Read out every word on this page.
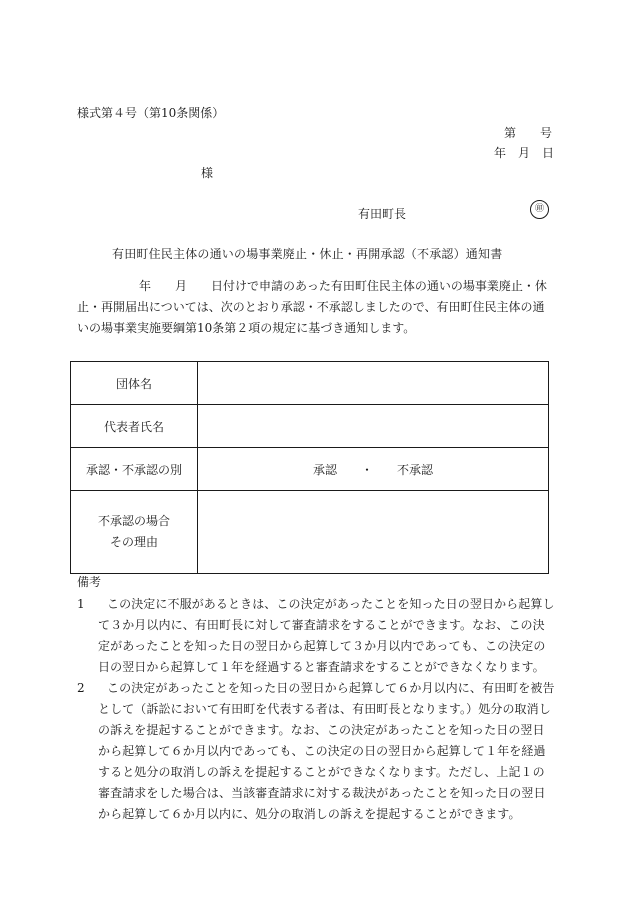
様式第４号（第10条関係）
第　　号
年　月　日
様
有田町長	㊞
有田町住民主体の通いの場事業廃止・休止・再開承認（不承認）通知書

年　　月　　日付けで申請のあった有田町住民主体の通いの場事業廃止・休止・再開届出については、次のとおり承認・不承認しましたので、有田町住民主体の通いの場事業実施要綱第10条第２項の規定に基づき通知します。

団体名	
代表者氏名	
承認・不承認の別	承認　　・　　不承認

不承認の場合
その理由	

備考
1	この決定に不服があるときは、この決定があったことを知った日の翌日から起算して３か月以内に、有田町長に対して審査請求をすることができます。なお、この決定があったことを知った日の翌日から起算して３か月以内であっても、この決定の日の翌日から起算して１年を経過すると審査請求をすることができなくなります。
2	この決定があったことを知った日の翌日から起算して６か月以内に、有田町を被告として（訴訟において有田町を代表する者は、有田町長となります。）処分の取消しの訴えを提起することができます。なお、この決定があったことを知った日の翌日から起算して６か月以内であっても、この決定の日の翌日から起算して１年を経過すると処分の取消しの訴えを提起することができなくなります。ただし、上記１の審査請求をした場合は、当該審査請求に対する裁決があったことを知った日の翌日から起算して６か月以内に、処分の取消しの訴えを提起することができます。
